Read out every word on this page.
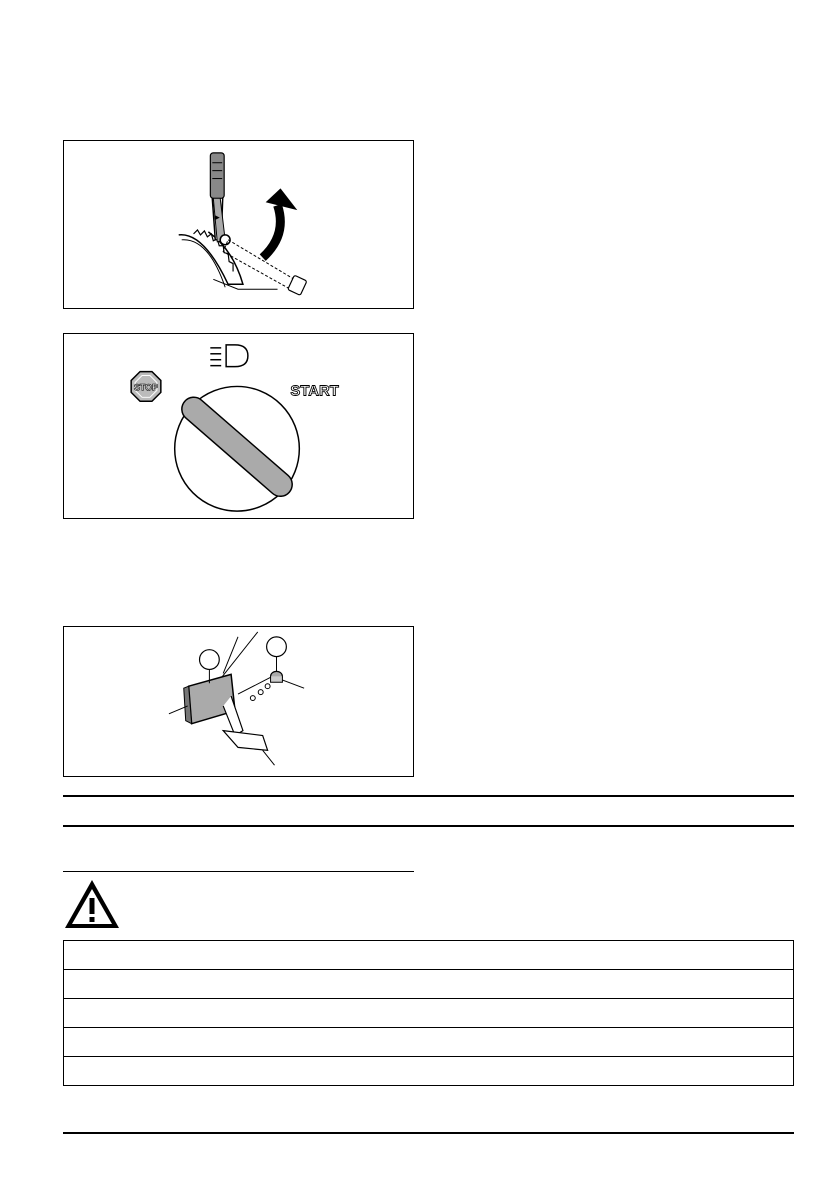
▸
STOP	START
